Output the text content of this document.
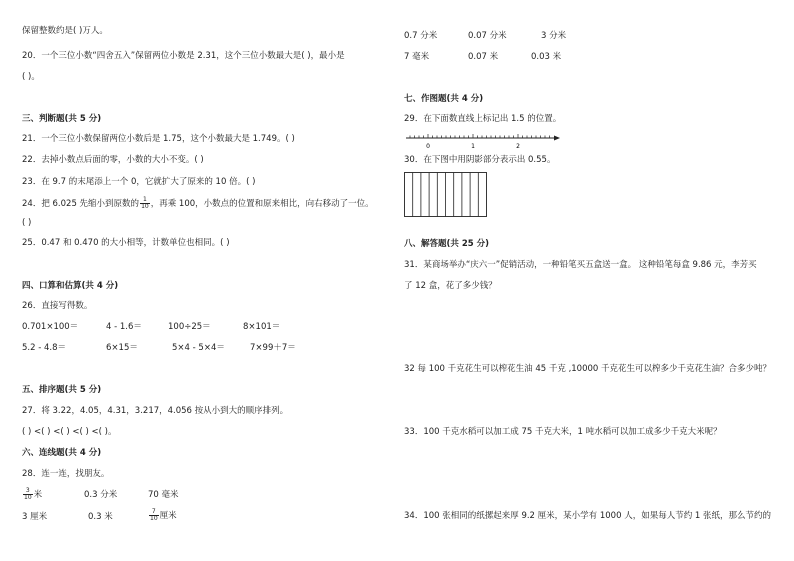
保留整数约是( )万人。
20．一个三位小数“四舍五入”保留两位小数是 2.31，这个三位小数最大是( )，最小是
( )。
三、判断题(共 5 分)
21．一个三位小数保留两位小数后是 1.75，这个小数最大是 1.749。( )
22．去掉小数点后面的零，小数的大小不变。( )
23．在 9.7 的末尾添上一个 0，它就扩大了原来的 10 倍。( )
24．把 6.025 先缩小到原数的 $\frac{1}{10}$ ，再乘 100，小数点的位置和原来相比，向右移动了一位。
( )
25．0.47 和 0.470 的大小相等，计数单位也相同。( )
四、口算和估算(共 4 分)
26．直接写得数。
0.701×100＝	4 - 1.6＝	100÷25＝	8×101＝
5.2 - 4.8＝	6×15＝	5×4 - 5×4＝	7×99＋7＝
五、排序题(共 5 分)
27．将 3.22，4.05，4.31，3.217，4.056 按从小到大的顺序排列。
( ) <( ) <( ) <( ) <( )。
六、连线题(共 4 分)
28．连一连，找朋友。
$\frac{3}{10}$ 米	0.3 分米	70 毫米
3 厘米	0.3 米	$\frac{7}{10}$ 厘米
0.7 分米	0.07 分米	3 分米
7 毫米	0.07 米	0.03 米
七、作图题(共 4 分)
29．在下面数直线上标记出 1.5 的位置。
0	1	2
30．在下图中用阴影部分表示出 0.55。
八、解答题(共 25 分)
31．某商场举办“庆六一”促销活动，一种铅笔买五盒送一盒。 这种铅笔每盒 9.86 元，李芳买
了 12 盒，花了多少钱？
32 每 100 千克花生可以榨花生油 45 千克 ,10000 千克花生可以榨多少千克花生油？合多少吨？
33．100 千克水稻可以加工成 75 千克大米，1 吨水稻可以加工成多少千克大米呢？
34．100 张相同的纸摞起来厚 9.2 厘米，某小学有 1000 人，如果每人节约 1 张纸，那么节约的
